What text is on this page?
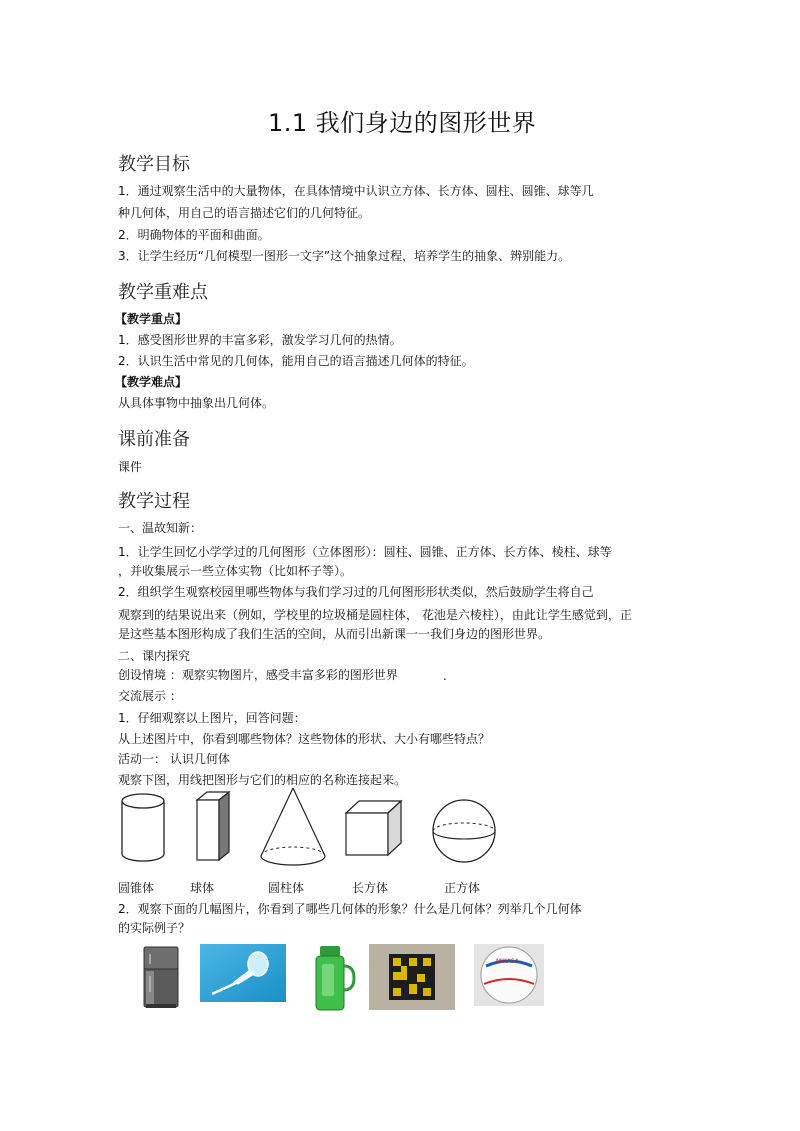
1.1 我们身边的图形世界
教学目标
1．通过观察生活中的大量物体，在具体情境中认识立方体、长方体、圆柱、圆锥、球等几
种几何体，用自己的语言描述它们的几何特征。
2．明确物体的平面和曲面。
3．让学生经历“几何模型一图形一文字”这个抽象过程，培养学生的抽象、辨别能力。
教学重难点
【教学重点】
1．感受图形世界的丰富多彩，激发学习几何的热情。
2．认识生活中常见的几何体，能用自己的语言描述几何体的特征。
【教学难点】
从具体事物中抽象出几何体。
课前准备
课件
教学过程
一、温故知新：
1．让学生回忆小学学过的几何图形（立体图形）：圆柱、圆锥、正方体、长方体、棱柱、球等
，并收集展示一些立体实物（比如杯子等）。
2．组织学生观察校园里哪些物体与我们学习过的几何图形形状类似，然后鼓励学生将自己
观察到的结果说出来（例如，学校里的垃圾桶是圆柱体， 花池是六棱柱），由此让学生感觉到，正
是这些基本图形构成了我们生活的空间，从而引出新课一一我们身边的图形世界。
二、课内探究
创设情境 ：观察实物图片，感受丰富多彩的图形世界	.
交流展示 ：
1．仔细观察以上图片，回答问题：
从上述图片中，你看到哪些物体？这些物体的形状、大小有哪些特点？
活动一： 认识几何体
观察下图，用线把图形与它们的相应的名称连接起来。
圆锥体	球体	圆柱体	长方体	正方体
2．观察下面的几幅图片，你看到了哪些几何体的形象？什么是几何体？列举几个几何体
的实际例子？
MIKASA
